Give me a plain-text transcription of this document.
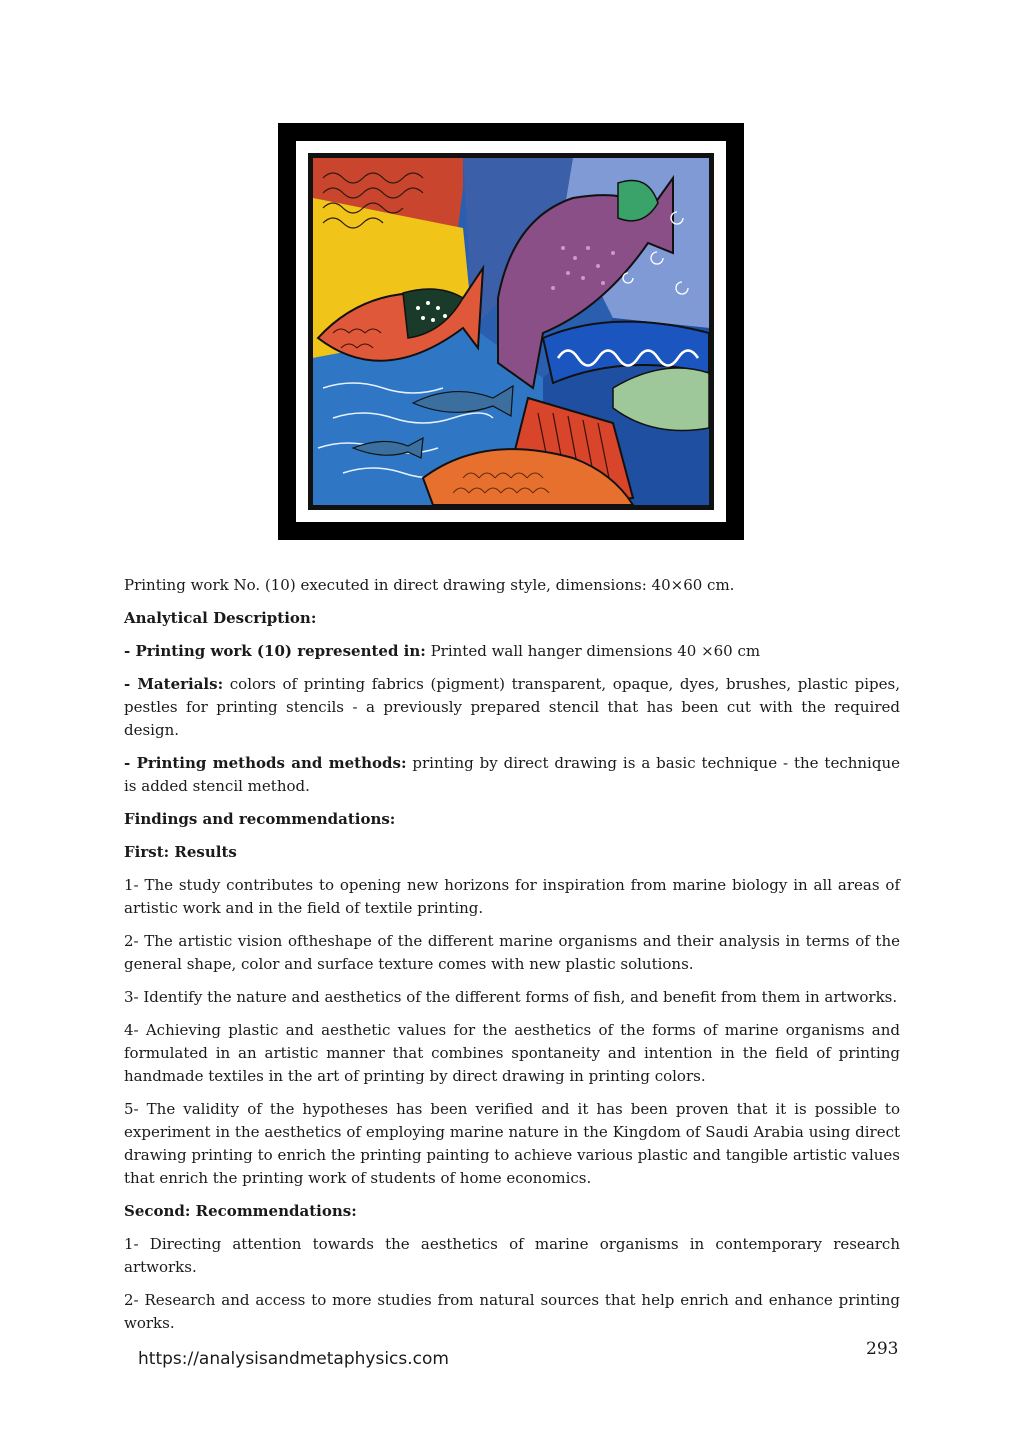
Printing work No. (10) executed in direct drawing style, dimensions: 40×60 cm.

Analytical Description:

- Printing work (10) represented in: Printed wall hanger dimensions 40 ×60 cm

- Materials: colors of printing fabrics (pigment) transparent, opaque, dyes, brushes, plastic pipes, pestles for printing stencils - a previously prepared stencil that has been cut with the required design.

- Printing methods and methods: printing by direct drawing is a basic technique - the technique is added stencil method.

Findings and recommendations:

First: Results

1- The study contributes to opening new horizons for inspiration from marine biology in all areas of artistic work and in the field of textile printing.

2- The artistic vision oftheshape of the different marine organisms and their analysis in terms of the general shape, color and surface texture comes with new plastic solutions.

3- Identify the nature and aesthetics of the different forms of fish, and benefit from them in artworks.

4- Achieving plastic and aesthetic values for the aesthetics of the forms of marine organisms and formulated in an artistic manner that combines spontaneity and intention in the field of printing handmade textiles in the art of printing by direct drawing in printing colors.

5- The validity of the hypotheses has been verified and it has been proven that it is possible to experiment in the aesthetics of employing marine nature in the Kingdom of Saudi Arabia using direct drawing printing to enrich the printing painting to achieve various plastic and tangible artistic values that enrich the printing work of students of home economics.

Second: Recommendations:

1- Directing attention towards the aesthetics of marine organisms in contemporary research artworks.

2- Research and access to more studies from natural sources that help enrich and enhance printing works.

https://analysisandmetaphysics.com	293
